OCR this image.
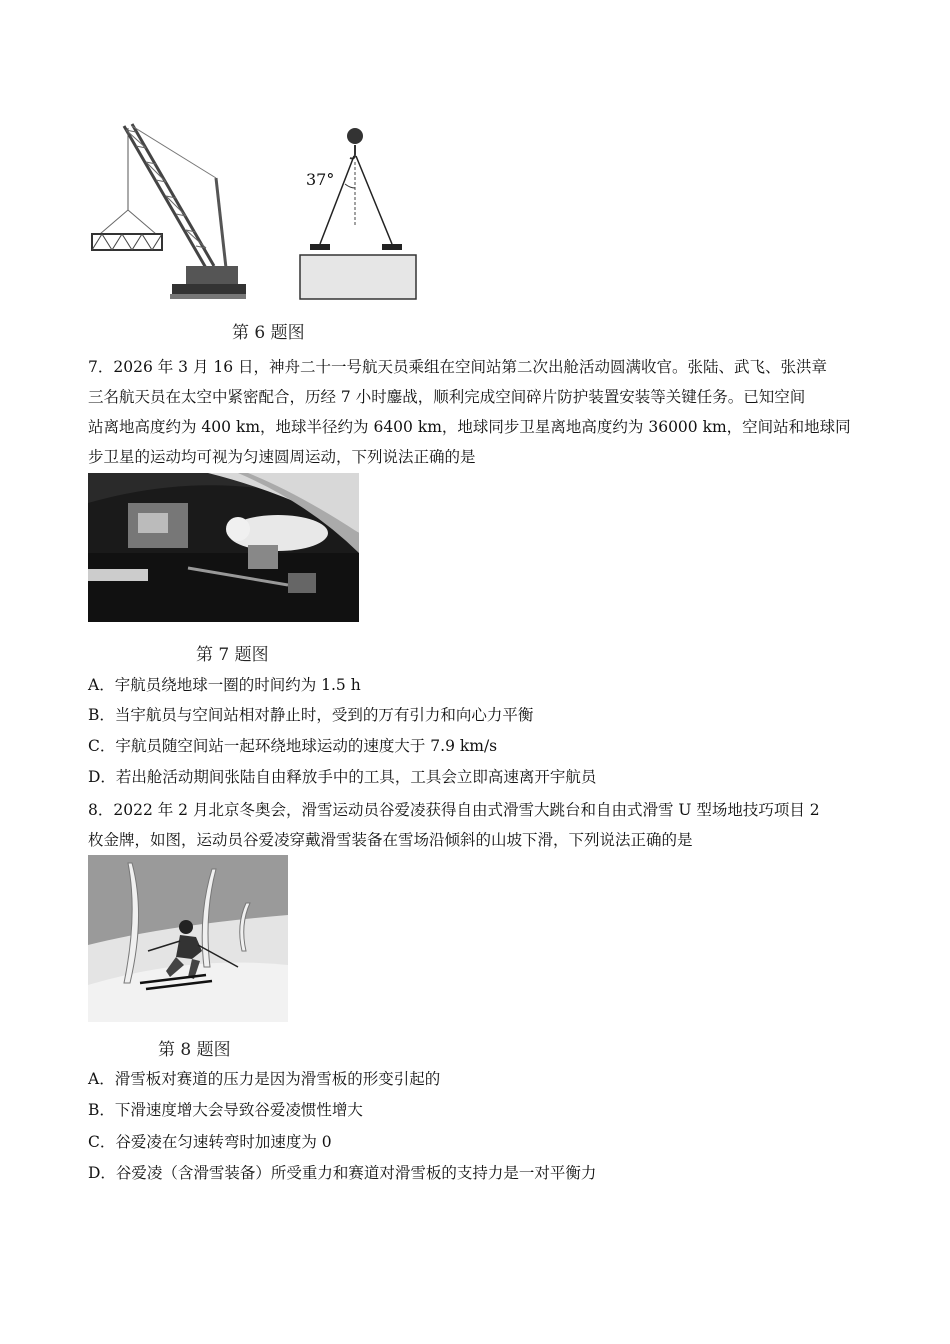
37°
第 6 题图
7．2026 年 3 月 16 日，神舟二十一号航天员乘组在空间站第二次出舱活动圆满收官。张陆、武飞、张洪章
三名航天员在太空中紧密配合，历经 7 小时鏖战，顺利完成空间碎片防护装置安装等关键任务。已知空间
站离地高度约为 400 km，地球半径约为 6400 km，地球同步卫星离地高度约为 36000 km，空间站和地球同
步卫星的运动均可视为匀速圆周运动，下列说法正确的是
第 7 题图
A．宇航员绕地球一圈的时间约为 1.5 h
B．当宇航员与空间站相对静止时，受到的万有引力和向心力平衡
C．宇航员随空间站一起环绕地球运动的速度大于 7.9 km/s
D．若出舱活动期间张陆自由释放手中的工具，工具会立即高速离开宇航员
8．2022 年 2 月北京冬奥会，滑雪运动员谷爱凌获得自由式滑雪大跳台和自由式滑雪 U 型场地技巧项目 2
枚金牌，如图，运动员谷爱凌穿戴滑雪装备在雪场沿倾斜的山坡下滑，下列说法正确的是
第 8 题图
A．滑雪板对赛道的压力是因为滑雪板的形变引起的
B．下滑速度增大会导致谷爱凌惯性增大
C．谷爱凌在匀速转弯时加速度为 0
D．谷爱凌（含滑雪装备）所受重力和赛道对滑雪板的支持力是一对平衡力
